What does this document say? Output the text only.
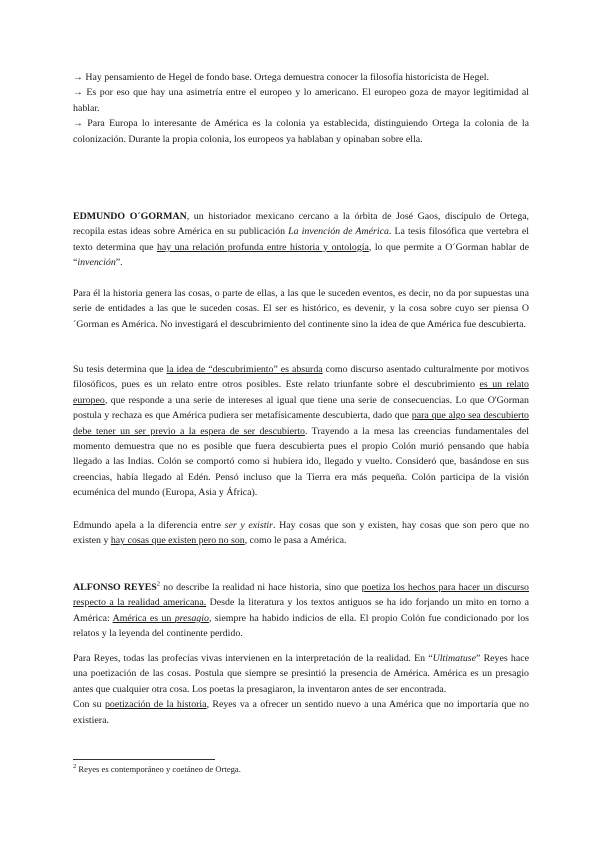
→ Hay pensamiento de Hegel de fondo base. Ortega demuestra conocer la filosofía historicista de Hegel.
→ Es por eso que hay una asimetría entre el europeo y lo americano. El europeo goza de mayor legitimidad al hablar.
→ Para Europa lo interesante de América es la colonia ya establecida, distinguiendo Ortega la colonia de la colonización. Durante la propia colonia, los europeos ya hablaban y opinaban sobre ella.

EDMUNDO O´GORMAN, un historiador mexicano cercano a la órbita de José Gaos, discípulo de Ortega, recopila estas ideas sobre América en su publicación La invención de América. La tesis filosófica que vertebra el texto determina que hay una relación profunda entre historia y ontología, lo que permite a O´Gorman hablar de “invención”.

Para él la historia genera las cosas, o parte de ellas, a las que le suceden eventos, es decir, no da por supuestas una serie de entidades a las que le suceden cosas. El ser es histórico, es devenir, y la cosa sobre cuyo ser piensa O´Gorman es América. No investigará el descubrimiento del continente sino la idea de que América fue descubierta.

Su tesis determina que la idea de “descubrimiento” es absurda como discurso asentado culturalmente por motivos filosóficos, pues es un relato entre otros posibles. Este relato triunfante sobre el descubrimiento es un relato europeo, que responde a una serie de intereses al igual que tiene una serie de consecuencias. Lo que O'Gorman postula y rechaza es que América pudiera ser metafísicamente descubierta, dado que para que algo sea descubierto debe tener un ser previo a la espera de ser descubierto. Trayendo a la mesa las creencias fundamentales del momento demuestra que no es posible que fuera descubierta pues el propio Colón murió pensando que había llegado a las Indias. Colón se comportó como si hubiera ido, llegado y vuelto. Consideró que, basándose en sus creencias, había llegado al Edén. Pensó incluso que la Tierra era más pequeña. Colón participa de la visión ecuménica del mundo (Europa, Asia y África).

Edmundo apela a la diferencia entre ser y existir. Hay cosas que son y existen, hay cosas que son pero que no existen y hay cosas que existen pero no son, como le pasa a América.

ALFONSO REYES$^2$ no describe la realidad ni hace historia, sino que poetiza los hechos para hacer un discurso respecto a la realidad americana. Desde la literatura y los textos antiguos se ha ido forjando un mito en torno a América: América es un presagio, siempre ha habido indicios de ella. El propio Colón fue condicionado por los relatos y la leyenda del continente perdido.

Para Reyes, todas las profecías vivas intervienen en la interpretación de la realidad. En “Ultimatuse” Reyes hace una poetización de las cosas. Postula que siempre se presintió la presencia de América. América es un presagio antes que cualquier otra cosa. Los poetas la presagiaron, la inventaron antes de ser encontrada.
Con su poetización de la historia, Reyes va a ofrecer un sentido nuevo a una América que no importaría que no existiera.

$^2$ Reyes es contemporáneo y coetáneo de Ortega.
